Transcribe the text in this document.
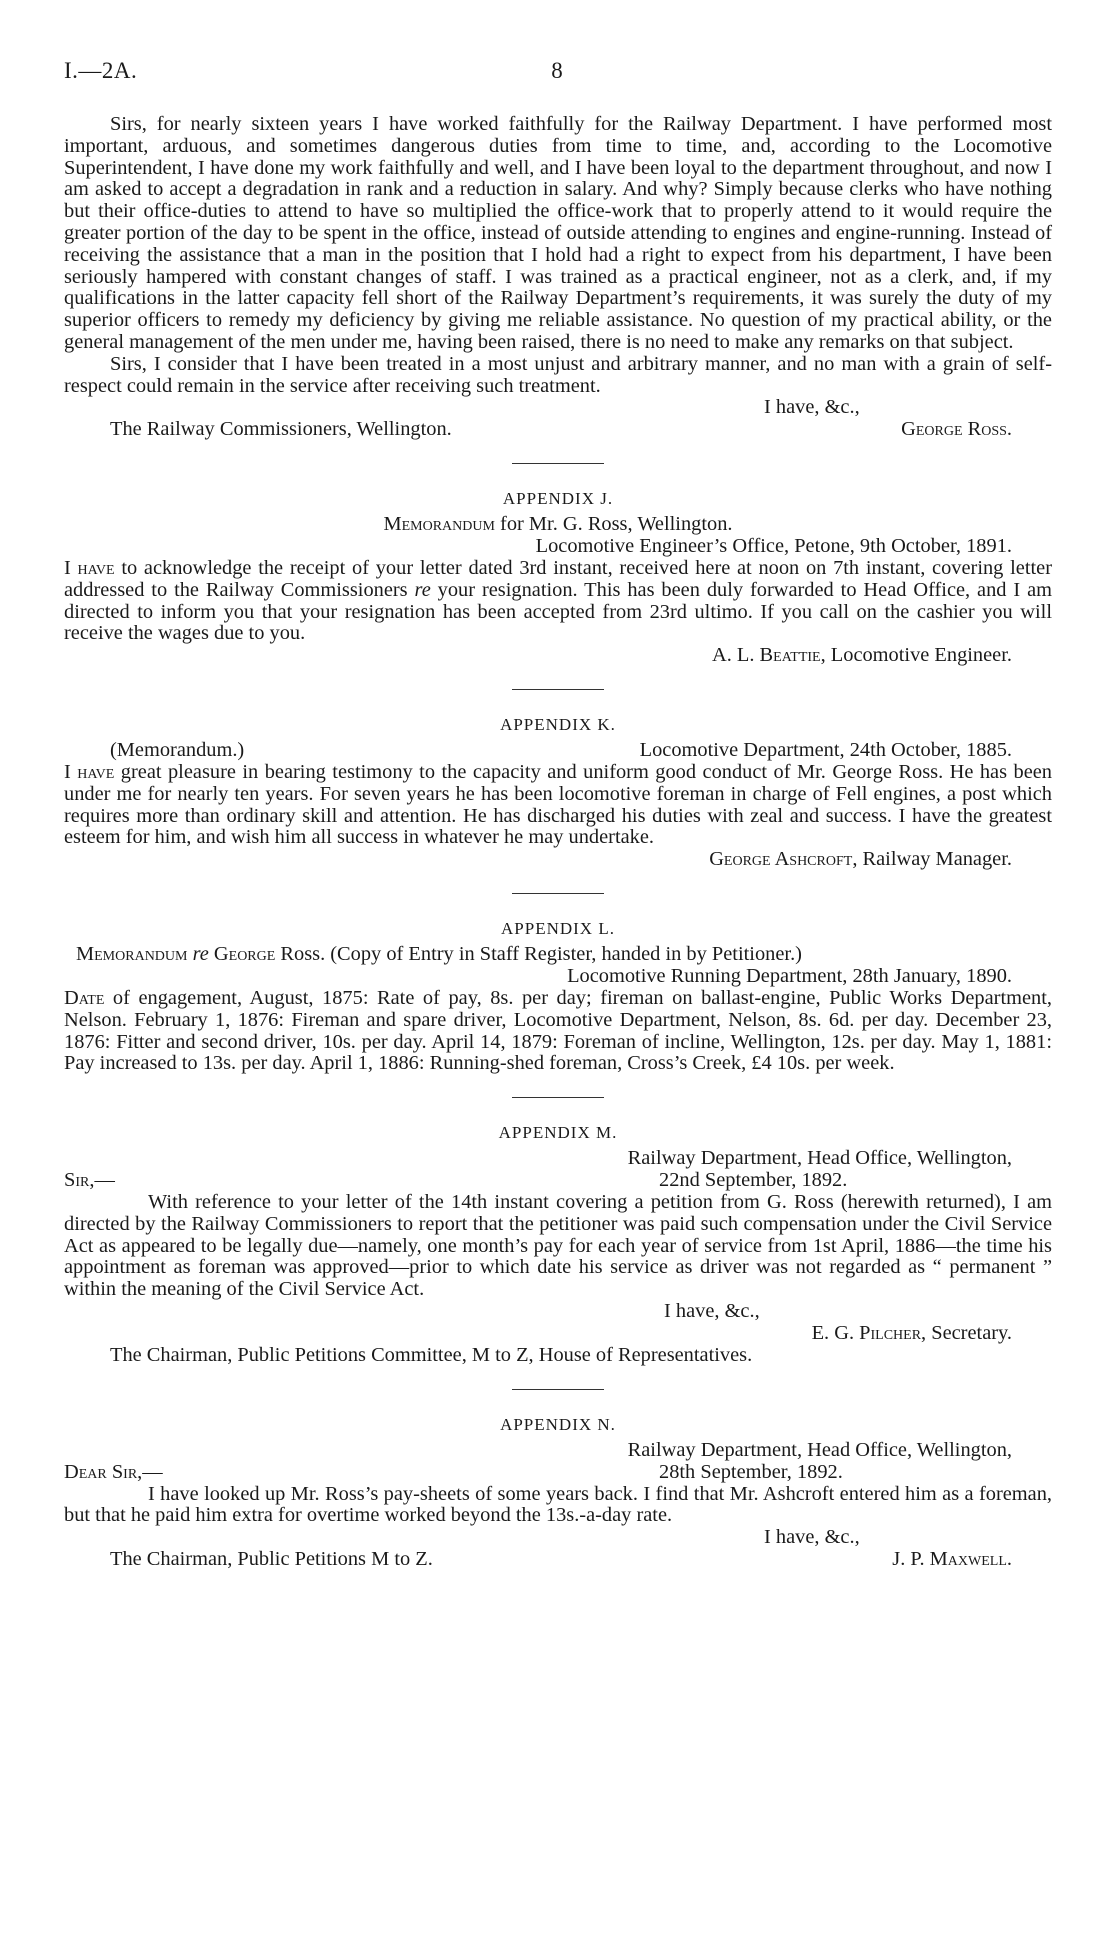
I.—2A.	8

Sirs, for nearly sixteen years I have worked faithfully for the Railway Department. I have performed most important, arduous, and sometimes dangerous duties from time to time, and, according to the Locomotive Superintendent, I have done my work faithfully and well, and I have been loyal to the department throughout, and now I am asked to accept a degradation in rank and a reduction in salary. And why? Simply because clerks who have nothing but their office-duties to attend to have so multiplied the office-work that to properly attend to it would require the greater portion of the day to be spent in the office, instead of outside attending to engines and engine-running. Instead of receiving the assistance that a man in the position that I hold had a right to expect from his department, I have been seriously hampered with constant changes of staff. I was trained as a practical engineer, not as a clerk, and, if my qualifications in the latter capacity fell short of the Railway Department’s requirements, it was surely the duty of my superior officers to remedy my deficiency by giving me reliable assistance. No question of my practical ability, or the general management of the men under me, having been raised, there is no need to make any remarks on that subject.

Sirs, I consider that I have been treated in a most unjust and arbitrary manner, and no man with a grain of self-respect could remain in the service after receiving such treatment.

I have, &c.,
The Railway Commissioners, Wellington.	George Ross.
APPENDIX J.
Memorandum for Mr. G. Ross, Wellington.
Locomotive Engineer’s Office, Petone, 9th October, 1891.

I have to acknowledge the receipt of your letter dated 3rd instant, received here at noon on 7th instant, covering letter addressed to the Railway Commissioners re your resignation. This has been duly forwarded to Head Office, and I am directed to inform you that your resignation has been accepted from 23rd ultimo. If you call on the cashier you will receive the wages due to you.

A. L. Beattie, Locomotive Engineer.
APPENDIX K.
(Memorandum.)	Locomotive Department, 24th October, 1885.

I have great pleasure in bearing testimony to the capacity and uniform good conduct of Mr. George Ross. He has been under me for nearly ten years. For seven years he has been locomotive foreman in charge of Fell engines, a post which requires more than ordinary skill and attention. He has discharged his duties with zeal and success. I have the greatest esteem for him, and wish him all success in whatever he may undertake.

George Ashcroft, Railway Manager.
APPENDIX L.
Memorandum re George Ross. (Copy of Entry in Staff Register, handed in by Petitioner.)
Locomotive Running Department, 28th January, 1890.

Date of engagement, August, 1875: Rate of pay, 8s. per day; fireman on ballast-engine, Public Works Department, Nelson. February 1, 1876: Fireman and spare driver, Locomotive Department, Nelson, 8s. 6d. per day. December 23, 1876: Fitter and second driver, 10s. per day. April 14, 1879: Foreman of incline, Wellington, 12s. per day. May 1, 1881: Pay increased to 13s. per day. April 1, 1886: Running-shed foreman, Cross’s Creek, £4 10s. per week.

APPENDIX M.
Railway Department, Head Office, Wellington,
Sir,—	22nd September, 1892.

With reference to your letter of the 14th instant covering a petition from G. Ross (herewith returned), I am directed by the Railway Commissioners to report that the petitioner was paid such compensation under the Civil Service Act as appeared to be legally due—namely, one month’s pay for each year of service from 1st April, 1886—the time his appointment as foreman was approved—prior to which date his service as driver was not regarded as “ permanent ” within the meaning of the Civil Service Act.

I have, &c.,
E. G. Pilcher, Secretary.
The Chairman, Public Petitions Committee, M to Z, House of Representatives.
APPENDIX N.
Railway Department, Head Office, Wellington,
Dear Sir,—	28th September, 1892.

I have looked up Mr. Ross’s pay-sheets of some years back. I find that Mr. Ashcroft entered him as a foreman, but that he paid him extra for overtime worked beyond the 13s.-a-day rate.

I have, &c.,
The Chairman, Public Petitions M to Z.	J. P. Maxwell.
